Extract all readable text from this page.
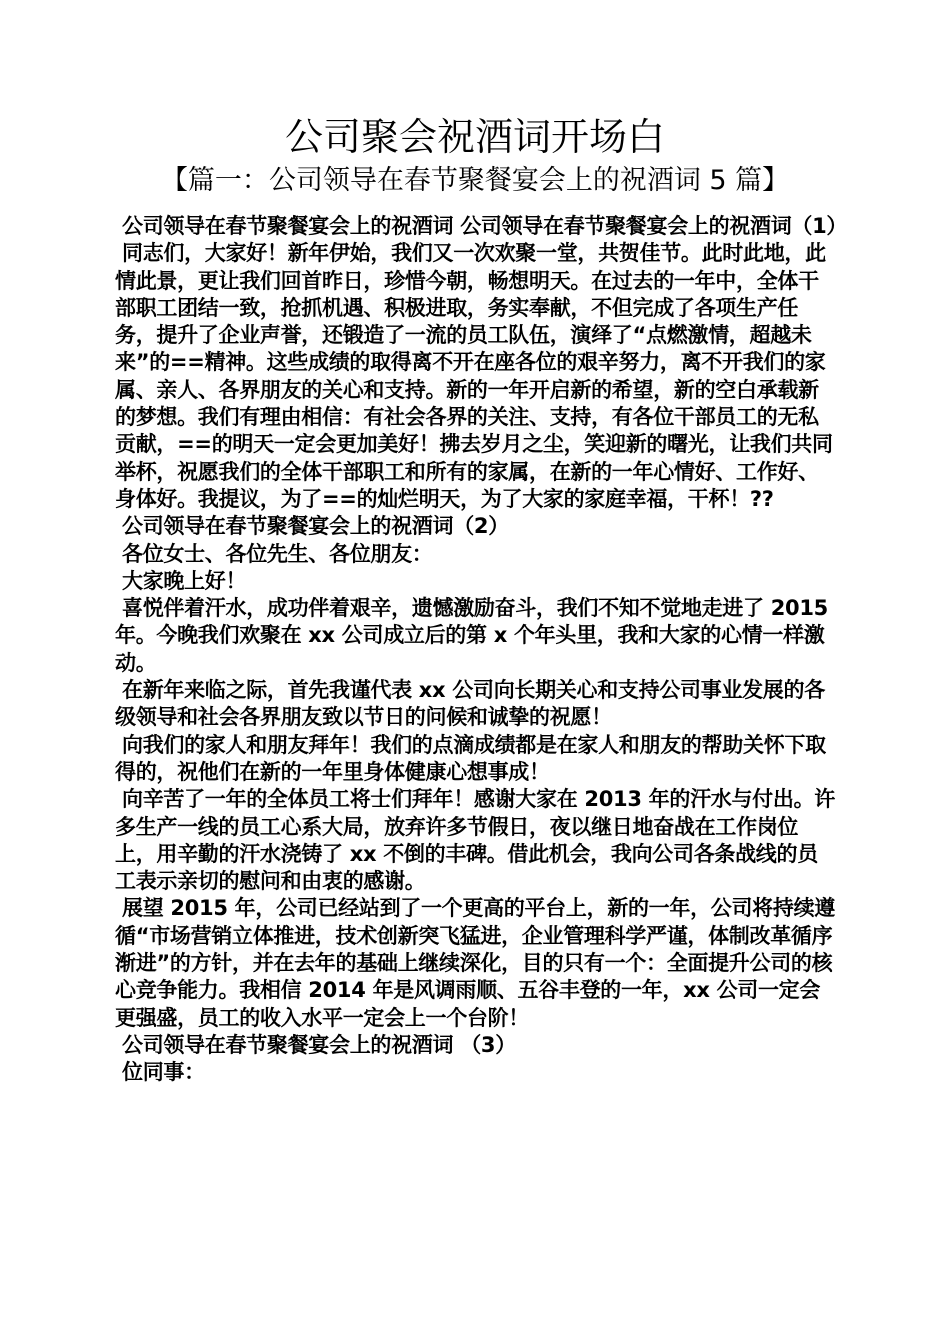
公司聚会祝酒词开场白
【篇一：公司领导在春节聚餐宴会上的祝酒词 5 篇】

公司领导在春节聚餐宴会上的祝酒词 公司领导在春节聚餐宴会上的祝酒词（1）

同志们，大家好！新年伊始，我们又一次欢聚一堂，共贺佳节。此时此地，此情此景，更让我们回首昨日，珍惜今朝，畅想明天。在过去的一年中，全体干部职工团结一致，抢抓机遇、积极进取，务实奉献，不但完成了各项生产任务，提升了企业声誉，还锻造了一流的员工队伍，演绎了“点燃激情，超越未来”的==精神。这些成绩的取得离不开在座各位的艰辛努力，离不开我们的家属、亲人、各界朋友的关心和支持。新的一年开启新的希望，新的空白承载新的梦想。我们有理由相信：有社会各界的关注、支持，有各位干部员工的无私贡献，==的明天一定会更加美好！拂去岁月之尘，笑迎新的曙光，让我们共同举杯，祝愿我们的全体干部职工和所有的家属，在新的一年心情好、工作好、身体好。我提议，为了==的灿烂明天，为了大家的家庭幸福，干杯！??

公司领导在春节聚餐宴会上的祝酒词（2）

各位女士、各位先生、各位朋友：

大家晚上好！

喜悦伴着汗水，成功伴着艰辛，遗憾激励奋斗，我们不知不觉地走进了 2015 年。今晚我们欢聚在 xx 公司成立后的第 x 个年头里，我和大家的心情一样激动。

在新年来临之际，首先我谨代表 xx 公司向长期关心和支持公司事业发展的各级领导和社会各界朋友致以节日的问候和诚挚的祝愿！

向我们的家人和朋友拜年！我们的点滴成绩都是在家人和朋友的帮助关怀下取得的，祝他们在新的一年里身体健康心想事成！

向辛苦了一年的全体员工将士们拜年！感谢大家在 2013 年的汗水与付出。许多生产一线的员工心系大局，放弃许多节假日，夜以继日地奋战在工作岗位上，用辛勤的汗水浇铸了 xx 不倒的丰碑。借此机会，我向公司各条战线的员工表示亲切的慰问和由衷的感谢。

展望 2015 年，公司已经站到了一个更高的平台上，新的一年，公司将持续遵循“市场营销立体推进，技术创新突飞猛进，企业管理科学严谨，体制改革循序渐进”的方针，并在去年的基础上继续深化，目的只有一个：全面提升公司的核心竞争能力。我相信 2014 年是风调雨顺、五谷丰登的一年，xx 公司一定会更强盛，员工的收入水平一定会上一个台阶！

公司领导在春节聚餐宴会上的祝酒词 （3）

位同事：
